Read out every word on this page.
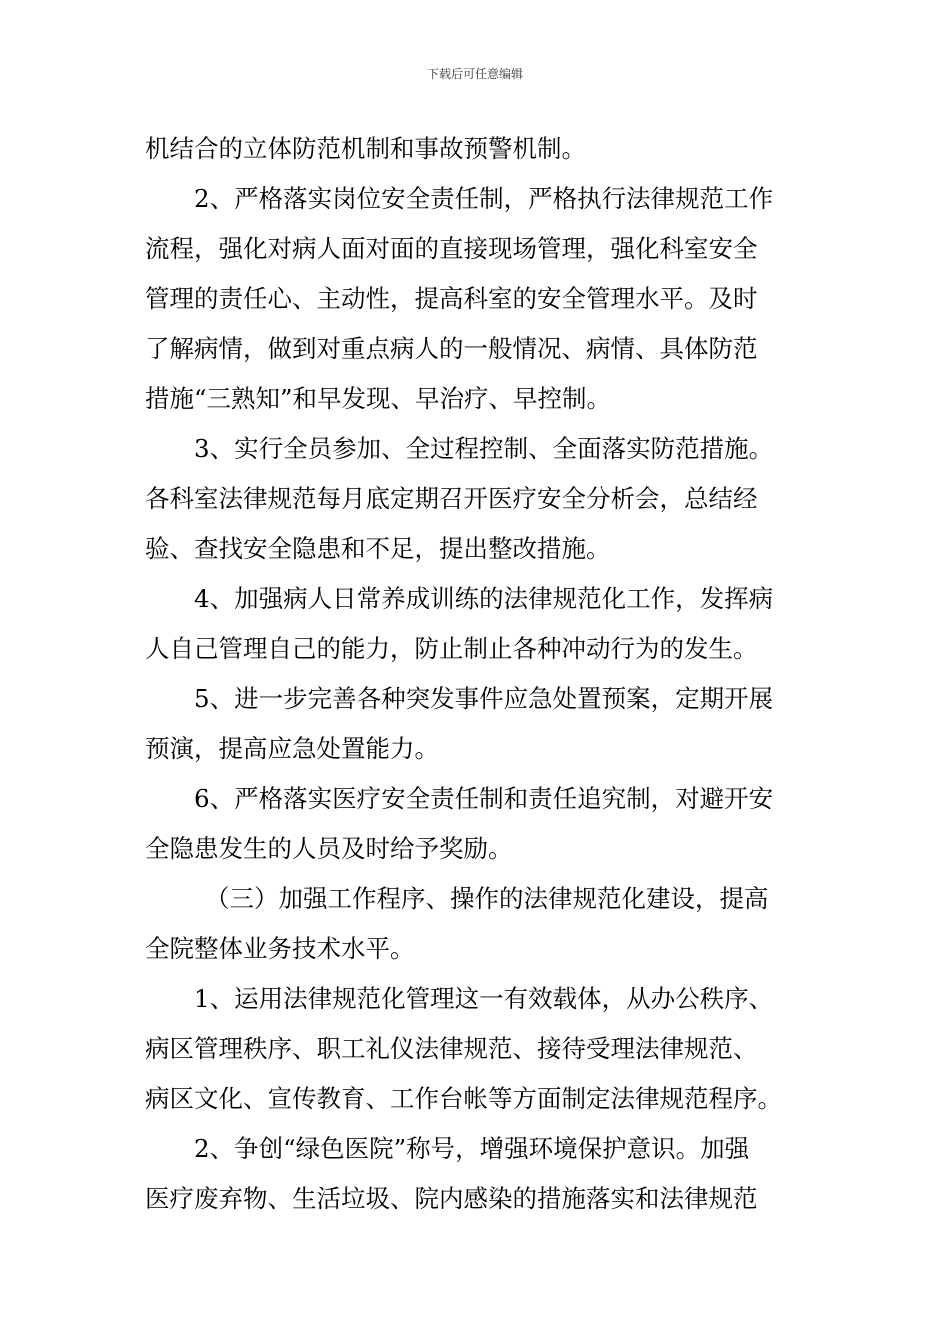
下载后可任意编辑
机结合的立体防范机制和事故预警机制。
2、严格落实岗位安全责任制，严格执行法律规范工作
流程，强化对病人面对面的直接现场管理，强化科室安全
管理的责任心、主动性，提高科室的安全管理水平。及时
了解病情，做到对重点病人的一般情况、病情、具体防范
措施“三熟知”和早发现、早治疗、早控制。
3、实行全员参加、全过程控制、全面落实防范措施。
各科室法律规范每月底定期召开医疗安全分析会，总结经
验、查找安全隐患和不足，提出整改措施。
4、加强病人日常养成训练的法律规范化工作，发挥病
人自己管理自己的能力，防止制止各种冲动行为的发生。
5、进一步完善各种突发事件应急处置预案，定期开展
预演，提高应急处置能力。
6、严格落实医疗安全责任制和责任追究制，对避开安
全隐患发生的人员及时给予奖励。
（三）加强工作程序、操作的法律规范化建设，提高
全院整体业务技术水平。
1、运用法律规范化管理这一有效载体，从办公秩序、
病区管理秩序、职工礼仪法律规范、接待受理法律规范、
病区文化、宣传教育、工作台帐等方面制定法律规范程序。
2、争创“绿色医院”称号，增强环境保护意识。加强
医疗废弃物、生活垃圾、院内感染的措施落实和法律规范
